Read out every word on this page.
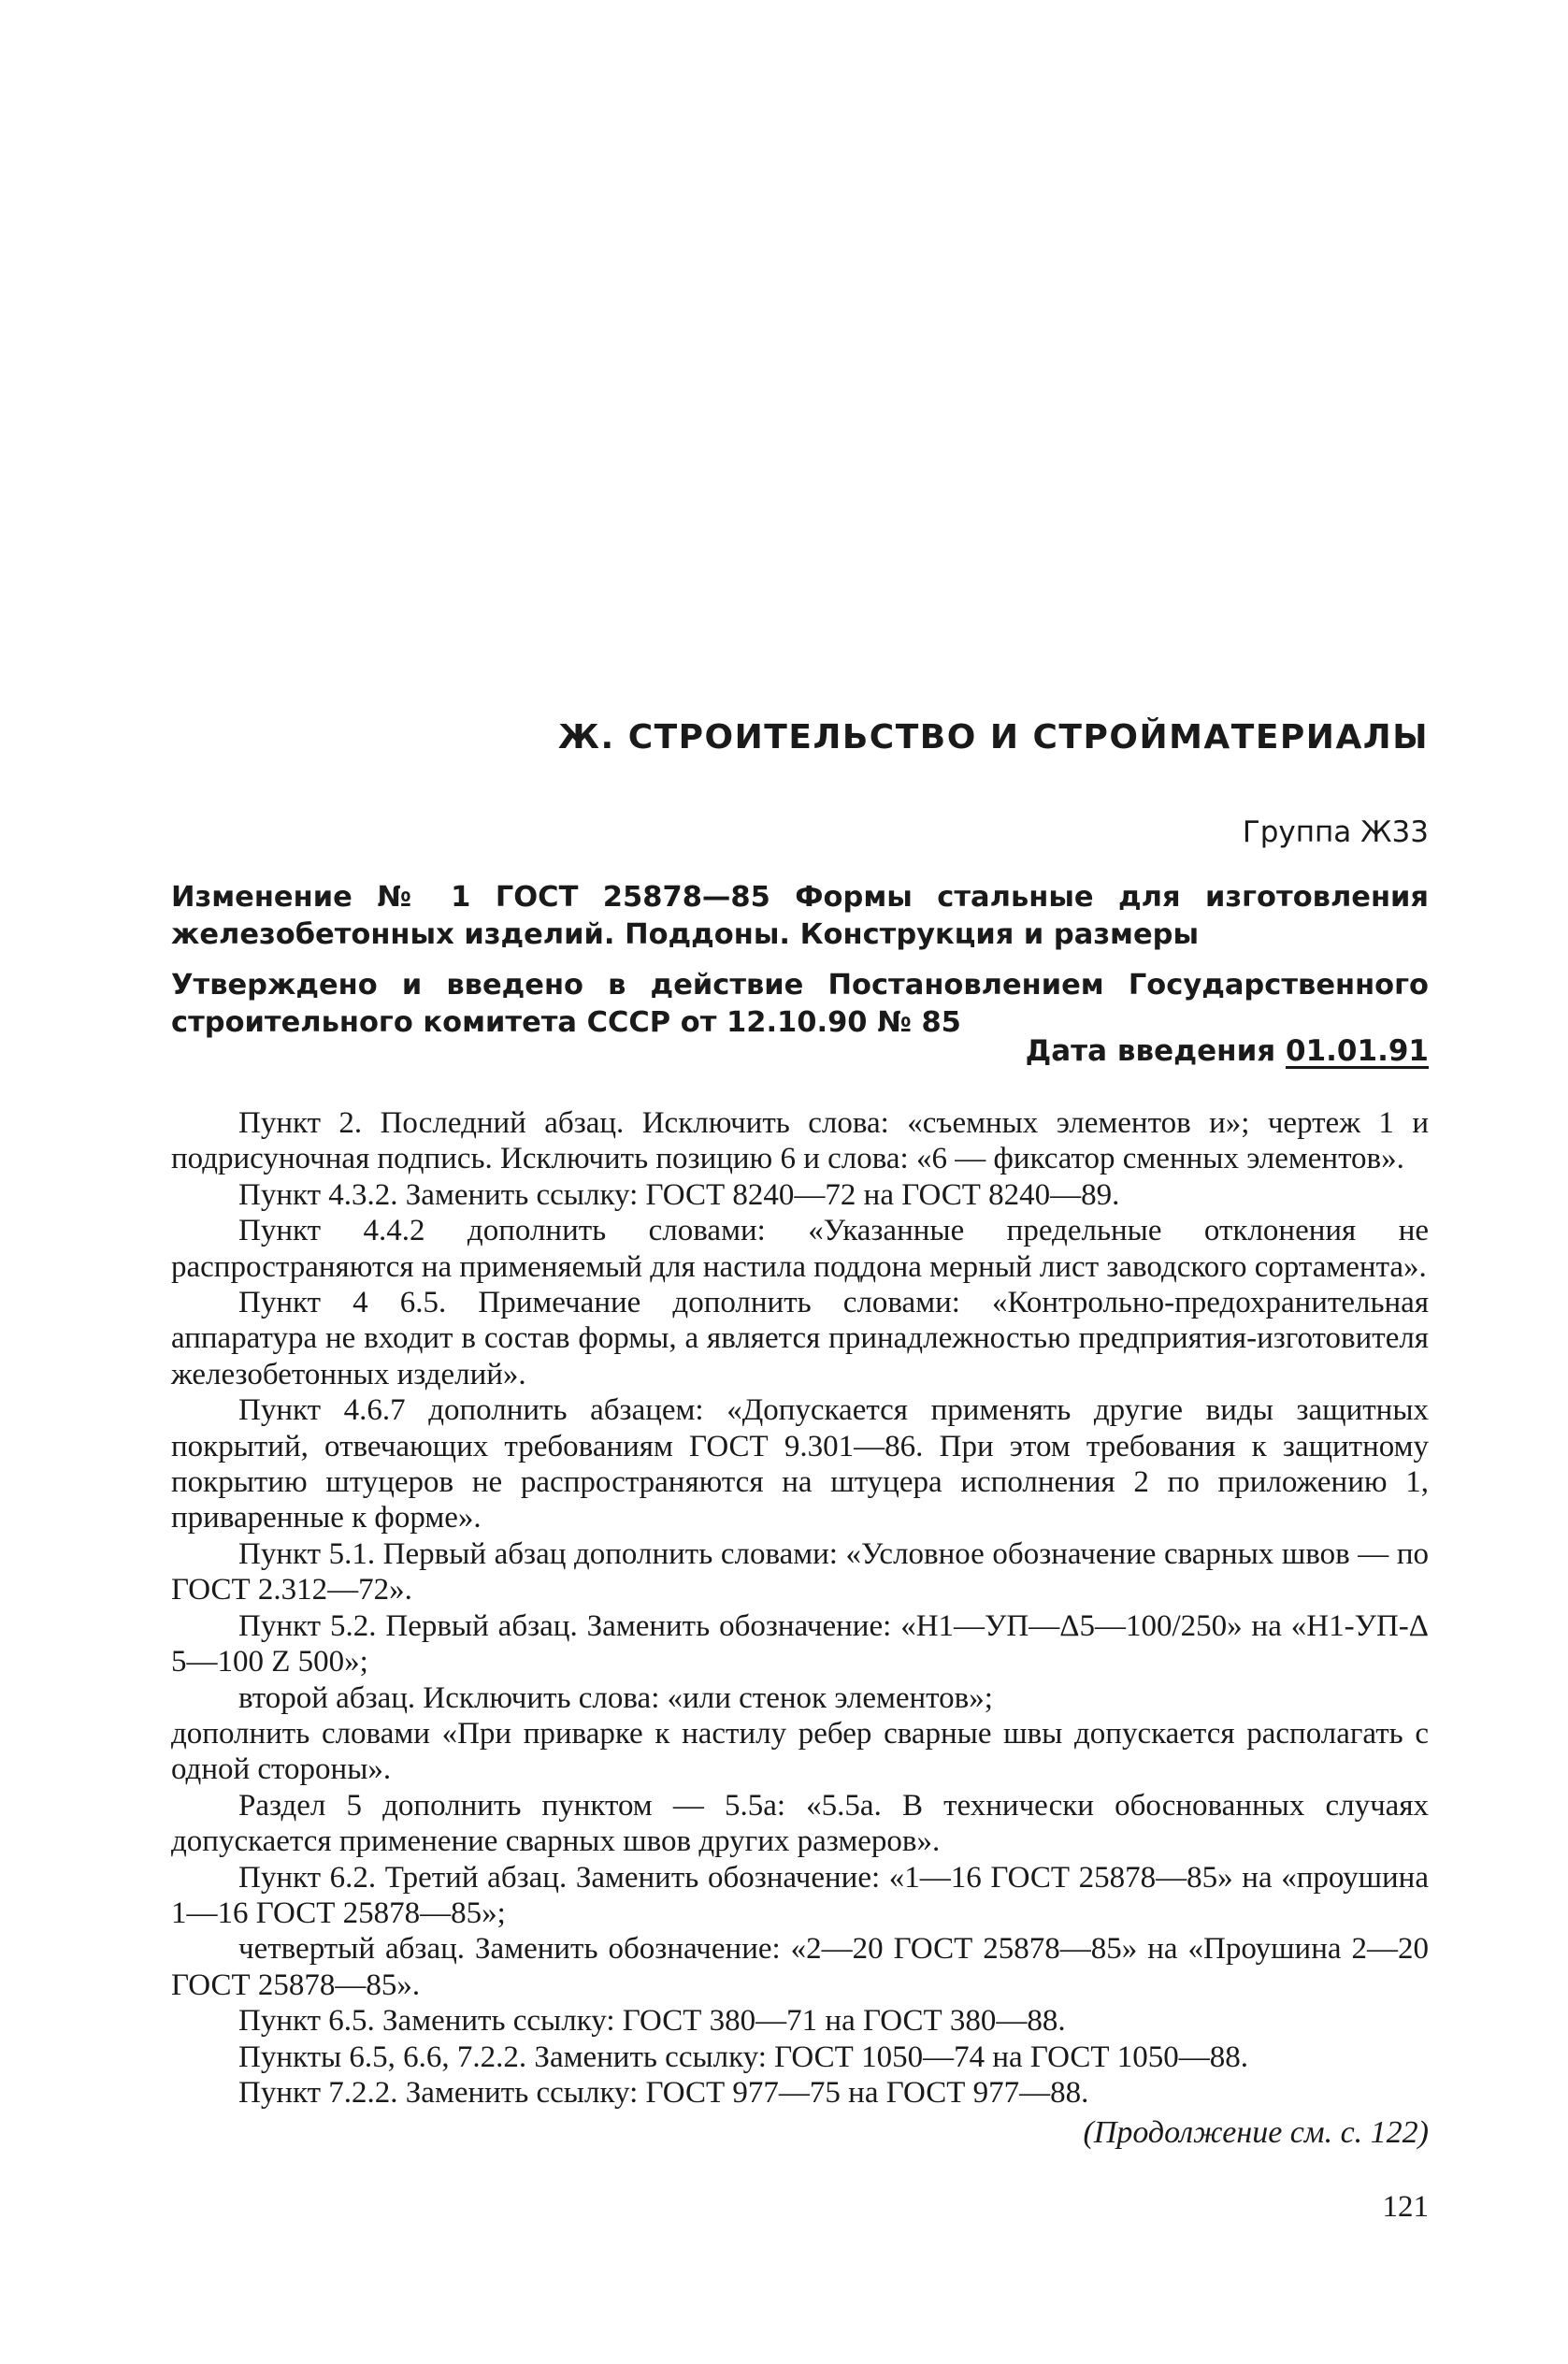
Ж. СТРОИТЕЛЬСТВО И СТРОЙМАТЕРИАЛЫ

Группа Ж33

Изменение № 1 ГОСТ 25878—85 Формы стальные для изготовления железобетонных изделий. Поддоны. Конструкция и размеры

Утверждено и введено в действие Постановлением Государственного строительного комитета СССР от 12.10.90 № 85

Дата введения 01.01.91

Пункт 2. Последний абзац. Исключить слова: «съемных элементов и»; чертеж 1 и подрисуночная подпись. Исключить позицию 6 и слова: «6 — фиксатор сменных элементов».

Пункт 4.3.2. Заменить ссылку: ГОСТ 8240—72 на ГОСТ 8240—89.

Пункт 4.4.2 дополнить словами: «Указанные предельные отклонения не распространяются на применяемый для настила поддона мерный лист заводского сортамента».

Пункт 4 6.5. Примечание дополнить словами: «Контрольно-предохранительная аппаратура не входит в состав формы, а является принадлежностью предприятия-изготовителя железобетонных изделий».

Пункт 4.6.7 дополнить абзацем: «Допускается применять другие виды защитных покрытий, отвечающих требованиям ГОСТ 9.301—86. При этом требования к защитному покрытию штуцеров не распространяются на штуцера исполнения 2 по приложению 1, приваренные к форме».

Пункт 5.1. Первый абзац дополнить словами: «Условное обозначение сварных швов — по ГОСТ 2.312—72».

Пункт 5.2. Первый абзац. Заменить обозначение: «Н1—УП—Δ5—100/250» на «Н1-УП-Δ 5—100 Z 500»;

второй абзац. Исключить слова: «или стенок элементов»;

дополнить словами «При приварке к настилу ребер сварные швы допускается располагать с одной стороны».

Раздел 5 дополнить пунктом — 5.5а: «5.5а. В технически обоснованных случаях допускается применение сварных швов других размеров».

Пункт 6.2. Третий абзац. Заменить обозначение: «1—16 ГОСТ 25878—85» на «проушина 1—16 ГОСТ 25878—85»;

четвертый абзац. Заменить обозначение: «2—20 ГОСТ 25878—85» на «Проушина 2—20 ГОСТ 25878—85».

Пункт 6.5. Заменить ссылку: ГОСТ 380—71 на ГОСТ 380—88.

Пункты 6.5, 6.6, 7.2.2. Заменить ссылку: ГОСТ 1050—74 на ГОСТ 1050—88.

Пункт 7.2.2. Заменить ссылку: ГОСТ 977—75 на ГОСТ 977—88.

(Продолжение см. с. 122)

121
